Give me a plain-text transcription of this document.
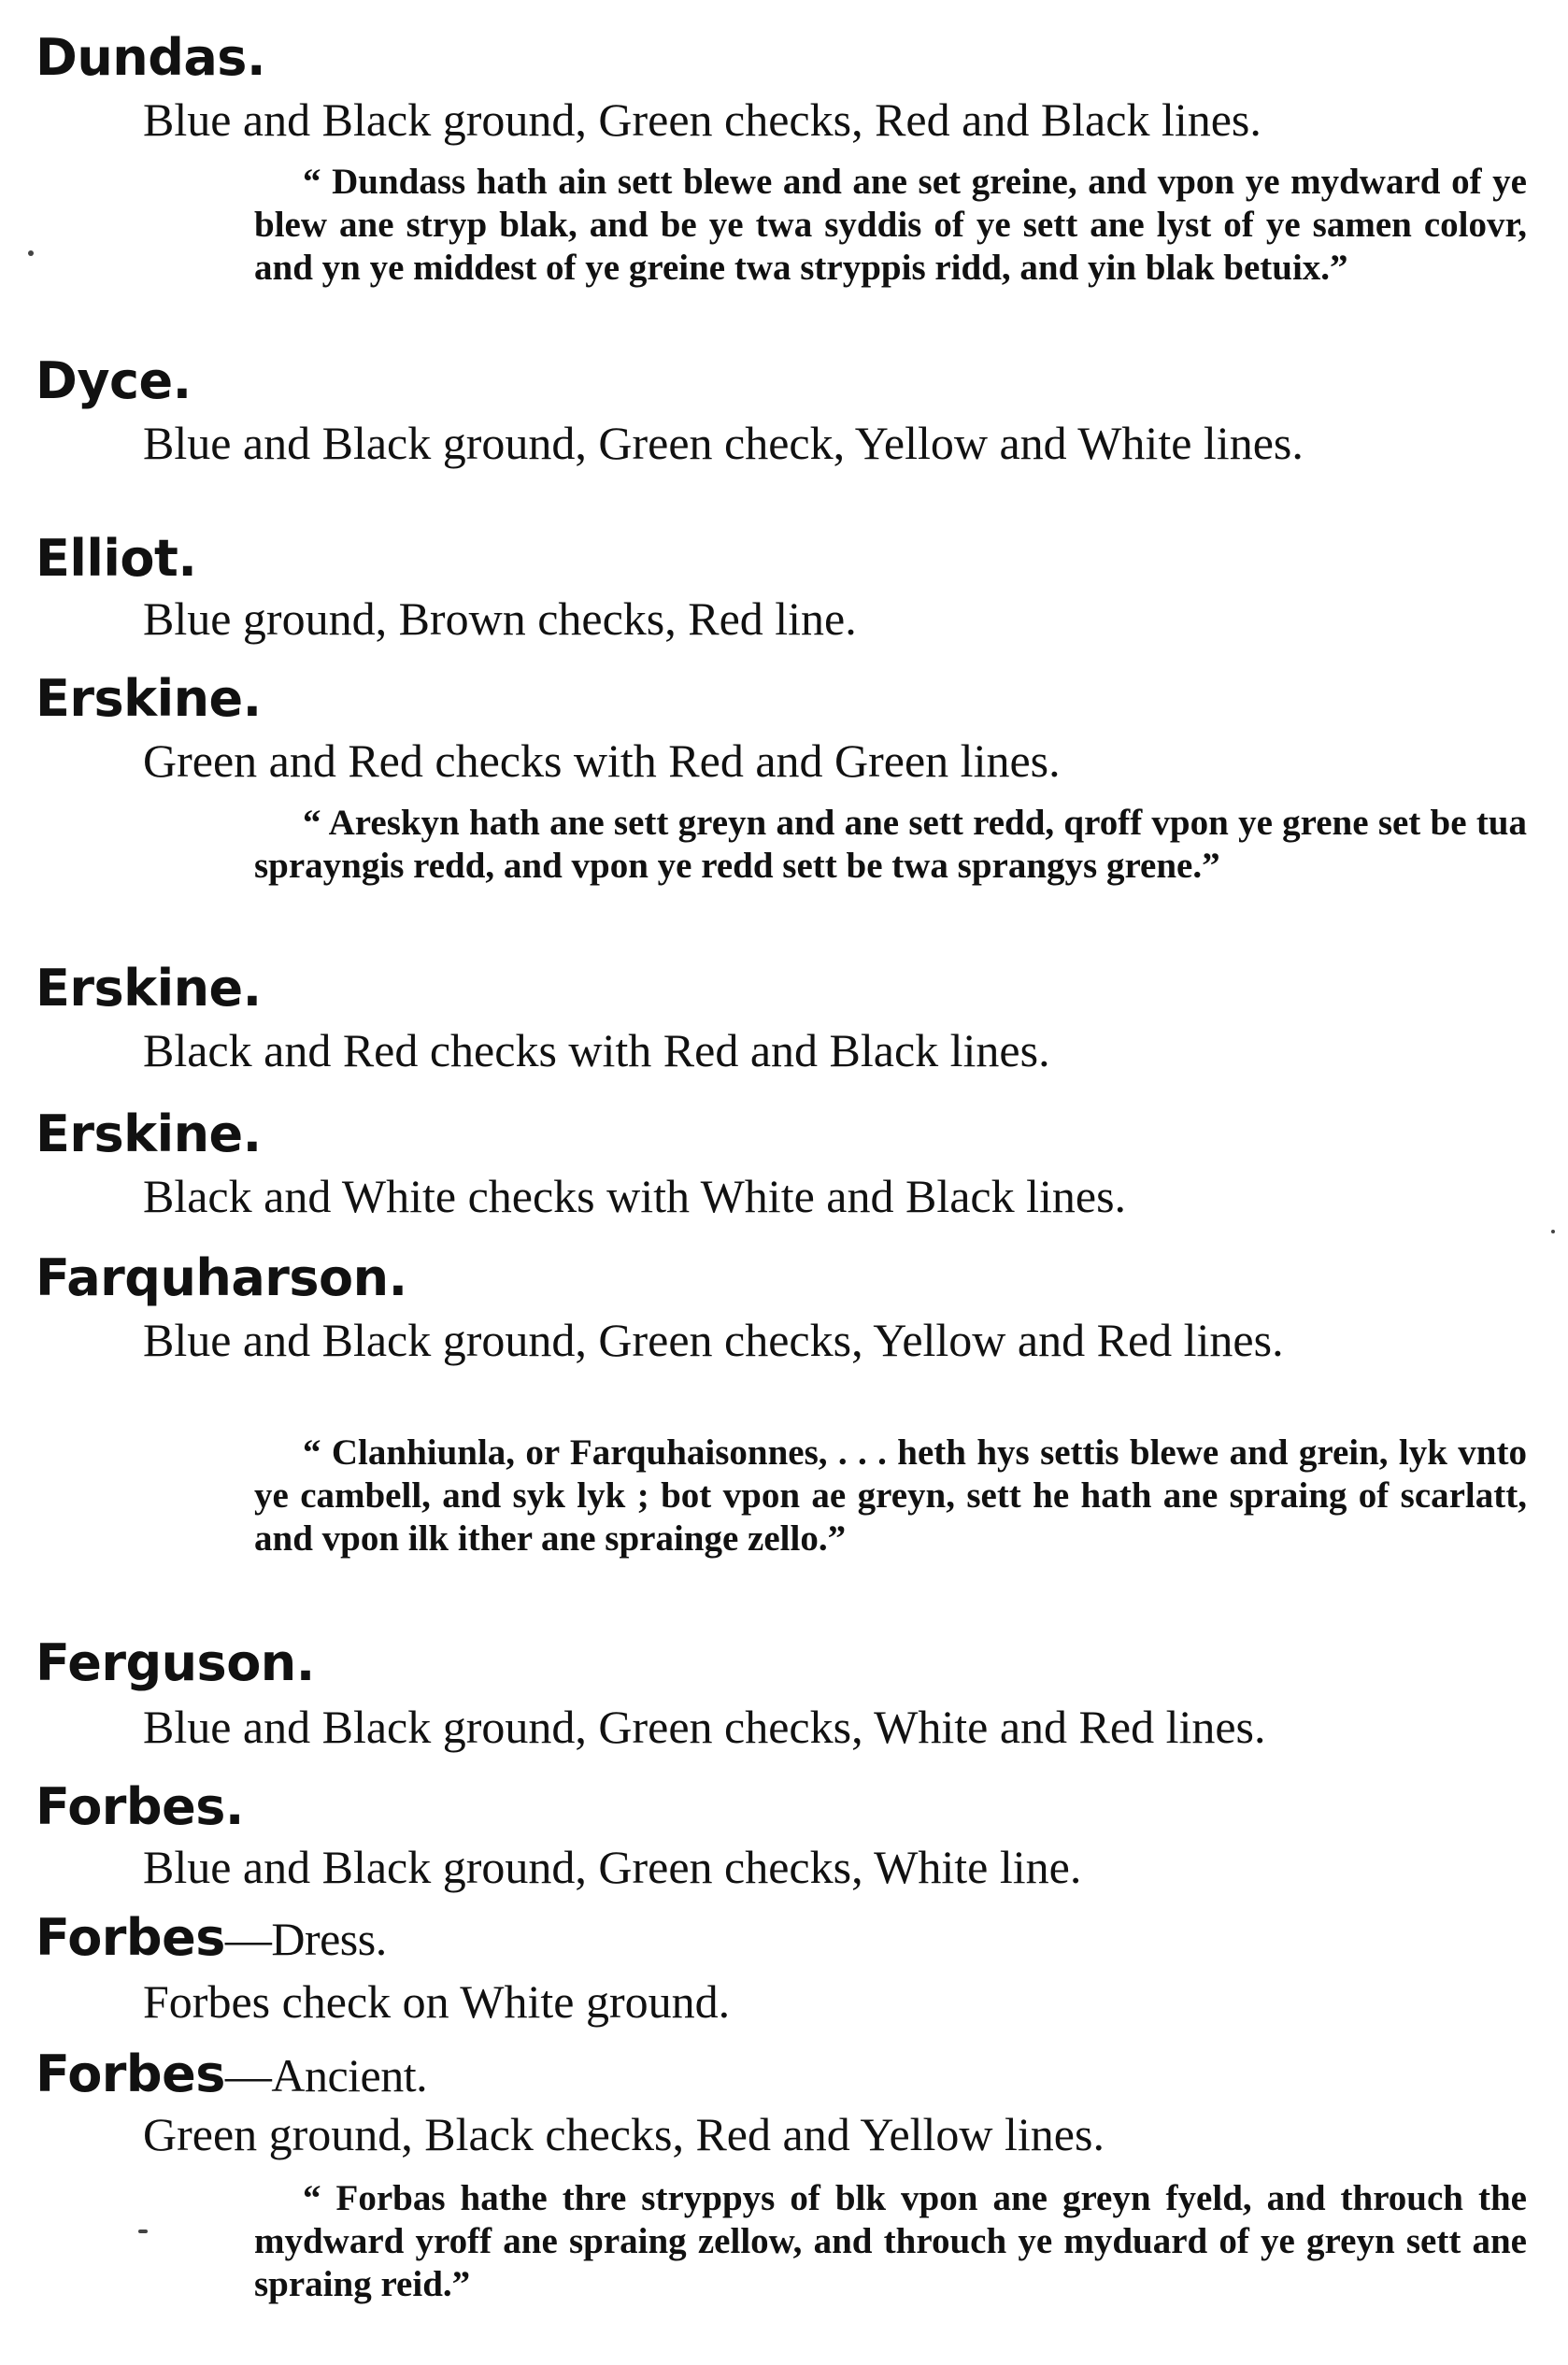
Dundas.
Blue and Black ground, Green checks, Red and Black lines.
“ Dundass hath ain sett blewe and ane set greine, and vpon ye mydward of ye blew ane stryp blak, and be ye twa syddis of ye sett ane lyst of ye samen colovr, and yn ye middest of ye greine twa stryppis ridd, and yin blak betuix.”
Dyce.
Blue and Black ground, Green check, Yellow and White lines.
Elliot.
Blue ground, Brown checks, Red line.
Erskine.
Green and Red checks with Red and Green lines.
“ Areskyn hath ane sett greyn and ane sett redd, qroff vpon ye grene set be tua sprayngis redd, and vpon ye redd sett be twa sprangys grene.”
Erskine.
Black and Red checks with Red and Black lines.
Erskine.
Black and White checks with White and Black lines.
Farquharson.
Blue and Black ground, Green checks, Yellow and Red lines.
“ Clanhiunla, or Farquhaisonnes, . . . heth hys settis blewe and grein, lyk vnto ye cambell, and syk lyk ; bot vpon ae greyn, sett he hath ane spraing of scarlatt, and vpon ilk ither ane sprainge zello.”
Ferguson.
Blue and Black ground, Green checks, White and Red lines.
Forbes.
Blue and Black ground, Green checks, White line.
Forbes—Dress.
Forbes check on White ground.
Forbes—Ancient.
Green ground, Black checks, Red and Yellow lines.
“ Forbas hathe thre stryppys of blk vpon ane greyn fyeld, and throuch the mydward yroff ane spraing zellow, and throuch ye myduard of ye greyn sett ane spraing reid.”
